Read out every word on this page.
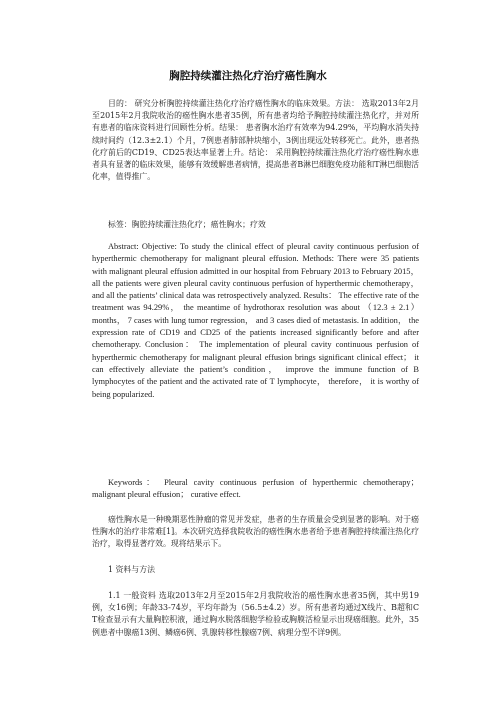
胸腔持续灌注热化疗治疗癌性胸水

目的： 研究分析胸腔持续灌注热化疗治疗癌性胸水的临床效果。方法： 选取2013年2月至2015年2月我院收治的癌性胸水患者35例，所有患者均给予胸腔持续灌注热化疗，并对所有患者的临床资料进行回顾性分析。结果： 患者胸水治疗有效率为94.29%，平均胸水消失持续时间约（12.3±2.1）个月，7例患者肺部肿块缩小，3例出现远处转移死亡。此外，患者热化疗前后的CD19、CD25表达率显著上升。结论： 采用胸腔持续灌注热化疗治疗癌性胸水患者具有显著的临床效果，能够有效缓解患者病情，提高患者B淋巴细胞免疫功能和T淋巴细胞活化率，值得推广。

标签：胸腔持续灌注热化疗；癌性胸水；疗效

Abstract: Objective: To study the clinical effect of pleural cavity continuous perfusion of hyperthermic chemotherapy for malignant pleural effusion. Methods: There were 35 patients with malignant pleural effusion admitted in our hospital from February 2013 to February 2015， all the patients were given pleural cavity continuous perfusion of hyperthermic chemotherapy， and all the patients’ clinical data was retrospectively analyzed. Results： The effective rate of the treatment was 94.29%， the meantime of hydrothorax resolution was about （12.3 ± 2.1） months， 7 cases with lung tumor regression， and 3 cases died of metastasis. In addition， the expression rate of CD19 and CD25 of the patients increased significantly before and after chemotherapy. Conclusion： The implementation of pleural cavity continuous perfusion of hyperthermic chemotherapy for malignant pleural effusion brings significant clinical effect； it can effectively alleviate the patient’s condition， improve the immune function of B lymphocytes of the patient and the activated rate of T lymphocyte， therefore， it is worthy of being popularized.

Keywords： Pleural cavity continuous perfusion of hyperthermic chemotherapy； malignant pleural effusion； curative effect.

癌性胸水是一种晚期恶性肿瘤的常见并发症，患者的生存质量会受到显著的影响。对于癌性胸水的治疗非常难[1]。本次研究选择我院收治的癌性胸水患者给予患者胸腔持续灌注热化疗治疗，取得显著疗效。现将结果示下。

1 资料与方法

1.1 一般资料 选取2013年2月至2015年2月我院收治的癌性胸水患者35例，其中男19例，女16例；年龄33-74岁，平均年龄为（56.5±4.2）岁。所有患者均通过X线片、B超和CT检查显示有大量胸腔积液，通过胸水脱落细胞学检验或胸膜活检显示出现癌细胞。此外，35例患者中腺癌13例、鳞癌6例、乳腺转移性腺癌7例、病理分型不详9例。
